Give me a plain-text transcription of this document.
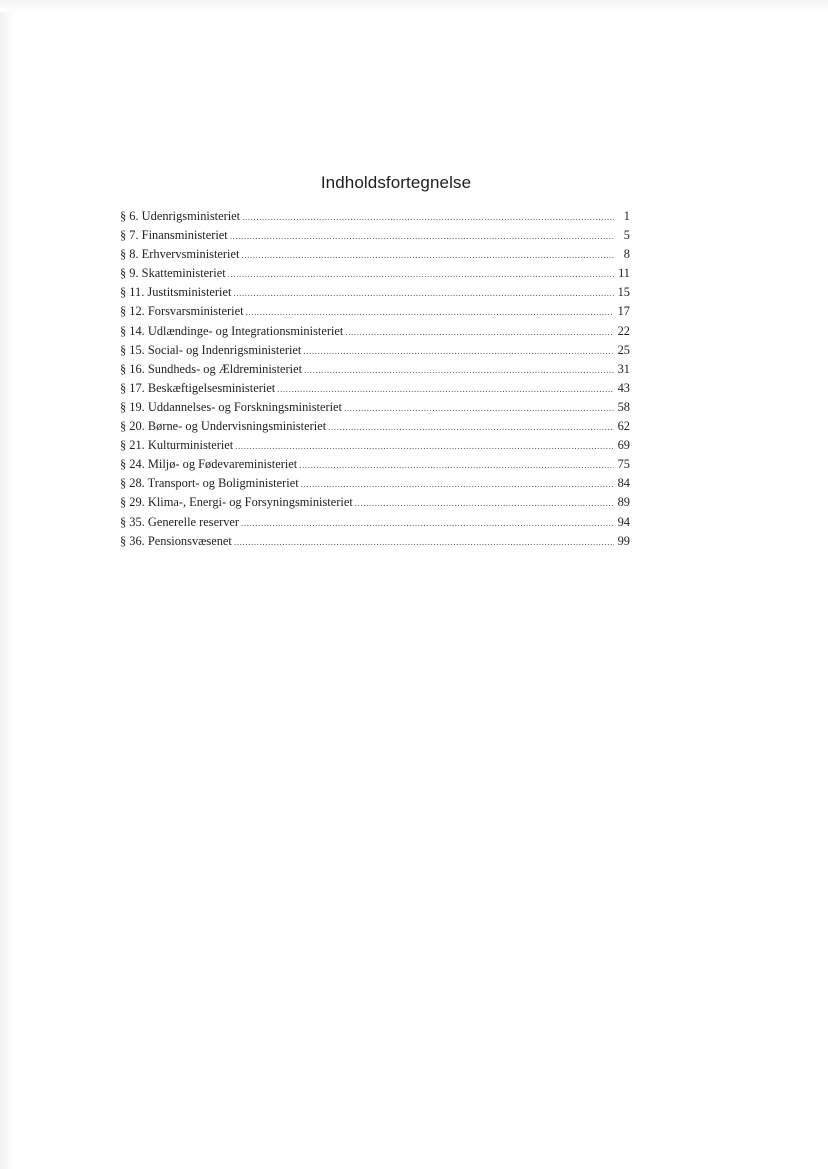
Indholdsfortegnelse
§ 6. Udenrigsministeriet .....	1
§ 7. Finansministeriet .....	5
§ 8. Erhvervsministeriet .....	8
§ 9. Skatteministeriet .....	11
§ 11. Justitsministeriet .....	15
§ 12. Forsvarsministeriet .....	17
§ 14. Udlændinge- og Integrationsministeriet .....	22
§ 15. Social- og Indenrigsministeriet .....	25
§ 16. Sundheds- og Ældreministeriet .....	31
§ 17. Beskæftigelsesministeriet .....	43
§ 19. Uddannelses- og Forskningsministeriet .....	58
§ 20. Børne- og Undervisningsministeriet .....	62
§ 21. Kulturministeriet .....	69
§ 24. Miljø- og Fødevareministeriet .....	75
§ 28. Transport- og Boligministeriet .....	84
§ 29. Klima-, Energi- og Forsyningsministeriet .....	89
§ 35. Generelle reserver .....	94
§ 36. Pensionsvæsenet .....	99
